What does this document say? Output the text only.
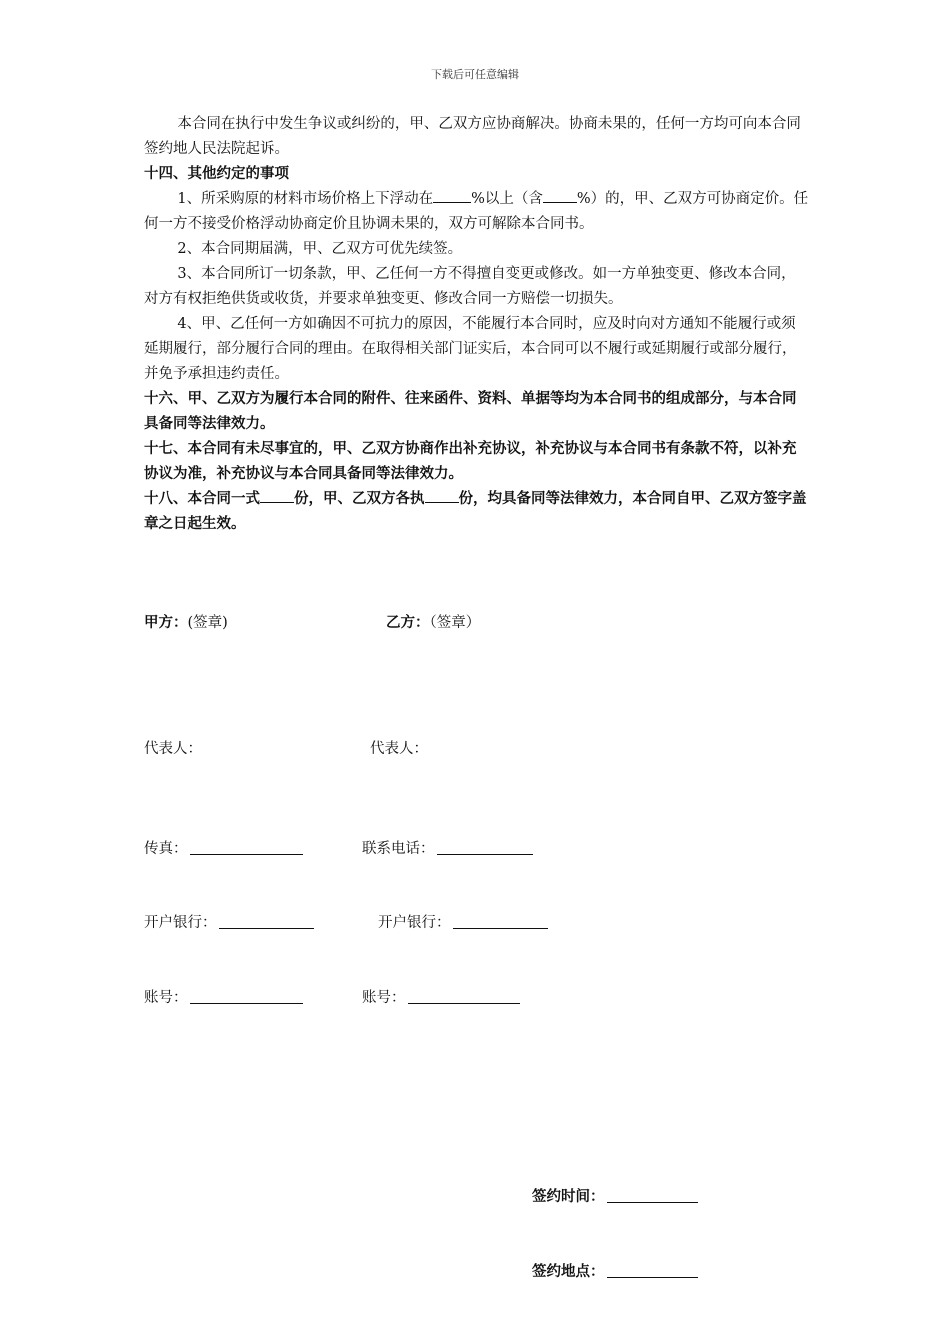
下载后可任意编辑

本合同在执行中发生争议或纠纷的，甲、乙双方应协商解决。协商未果的，任何一方均可向本合同签约地人民法院起诉。

十四、其他约定的事项

1、所采购原的材料市场价格上下浮动在	%以上（含 %）的，甲、乙双方可协商定价。任何一方不接受价格浮动协商定价且协调未果的，双方可解除本合同书。

2、本合同期届满，甲、乙双方可优先续签。

3、本合同所订一切条款，甲、乙任何一方不得擅自变更或修改。如一方单独变更、修改本合同，对方有权拒绝供货或收货，并要求单独变更、修改合同一方赔偿一切损失。

4、甲、乙任何一方如确因不可抗力的原因，不能履行本合同时，应及时向对方通知不能履行或须延期履行，部分履行合同的理由。在取得相关部门证实后，本合同可以不履行或延期履行或部分履行，并免予承担违约责任。

十六、甲、乙双方为履行本合同的附件、往来函件、资料、单据等均为本合同书的组成部分，与本合同具备同等法律效力。

十七、本合同有未尽事宜的，甲、乙双方协商作出补充协议，补充协议与本合同书有条款不符，以补充协议为准，补充协议与本合同具备同等法律效力。

十八、本合同一式 份，甲、乙双方各执 份，均具备同等法律效力，本合同自甲、乙双方签字盖章之日起生效。

甲方：(签章)	乙方：（签章）
代表人：	代表人：
传真：	联系电话：
开户银行：	开户银行：
账号：	账号：
签约时间：
签约地点：
